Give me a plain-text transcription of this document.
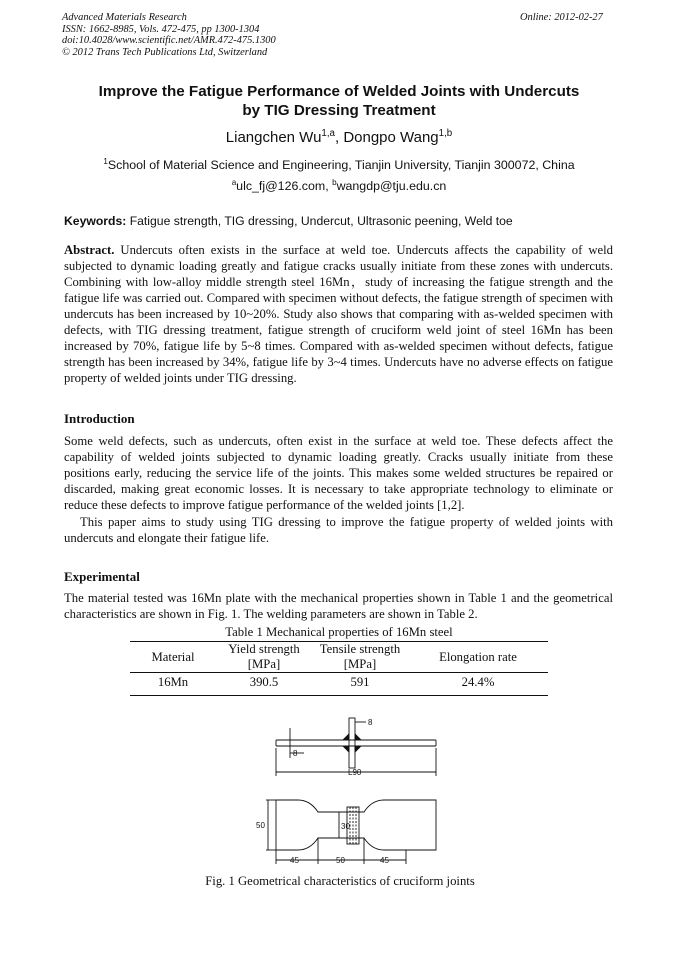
Advanced Materials Research
ISSN: 1662-8985, Vols. 472-475, pp 1300-1304
doi:10.4028/www.scientific.net/AMR.472-475.1300
© 2012 Trans Tech Publications Ltd, Switzerland
Online: 2012-02-27
Improve the Fatigue Performance of Welded Joints with Undercuts
by TIG Dressing Treatment
Liangchen Wu$^{1,a}$, Dongpo Wang$^{1,b}$
$^1$School of Material Science and Engineering, Tianjin University, Tianjin 300072, China
$^a$ulc_fj@126.com, $^b$wangdp@tju.edu.cn
Keywords: Fatigue strength, TIG dressing, Undercut, Ultrasonic peening, Weld toe
Abstract. Undercuts often exists in the surface at weld toe. Undercuts affects the capability of weld subjected to dynamic loading greatly and fatigue cracks usually initiate from these zones with undercuts. Combining with low-alloy middle strength steel 16Mn，study of increasing the fatigue strength and the fatigue life was carried out. Compared with specimen without defects, the fatigue strength of specimen with undercuts has been increased by 10~20%. Study also shows that comparing with as-welded specimen with defects, with TIG dressing treatment, fatigue strength of cruciform weld joint of steel 16Mn has been increased by 70%, fatigue life by 5~8 times. Compared with as-welded specimen without defects, fatigue strength has been increased by 34%, fatigue life by 3~4 times. Undercuts have no adverse effects on fatigue property of welded joints under TIG dressing.
Introduction
Some weld defects, such as undercuts, often exist in the surface at weld toe. These defects affect the capability of welded joints subjected to dynamic loading greatly. Cracks usually initiate from these positions early, reducing the service life of the joints. This makes some welded structures be repaired or discarded, making great economic losses. It is necessary to take appropriate technology to eliminate or reduce these defects to improve fatigue performance of the welded joints [1,2].
This paper aims to study using TIG dressing to improve the fatigue property of welded joints with undercuts and elongate their fatigue life.
Experimental
The material tested was 16Mn plate with the mechanical properties shown in Table 1 and the geometrical characteristics are shown in Fig. 1. The welding parameters are shown in Table 2.
Table 1 Mechanical properties of 16Mn steel
Material	Yield strength	Tensile strength	Elongation rate
	[MPa]	[MPa]	
16Mn	390.5	591	24.4%
8
8
L90
50	30
45	50	45
Fig. 1 Geometrical characteristics of cruciform joints
